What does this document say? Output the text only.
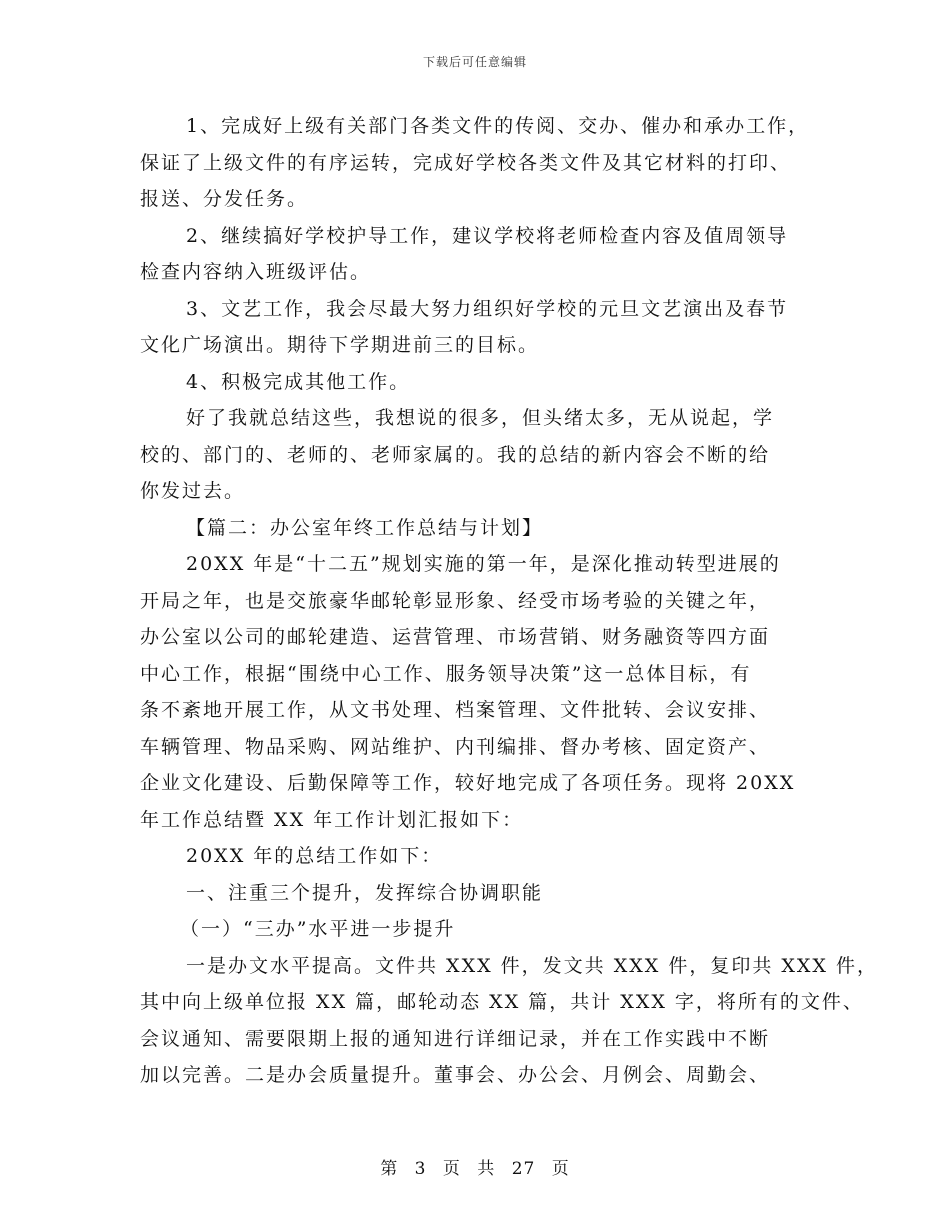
下载后可任意编辑
1、完成好上级有关部门各类文件的传阅、交办、催办和承办工作，
保证了上级文件的有序运转，完成好学校各类文件及其它材料的打印、
报送、分发任务。
2、继续搞好学校护导工作，建议学校将老师检查内容及值周领导
检查内容纳入班级评估。
3、文艺工作，我会尽最大努力组织好学校的元旦文艺演出及春节
文化广场演出。期待下学期进前三的目标。
4、积极完成其他工作。
好了我就总结这些，我想说的很多，但头绪太多，无从说起，学
校的、部门的、老师的、老师家属的。我的总结的新内容会不断的给
你发过去。
【篇二：办公室年终工作总结与计划】
20XX 年是“十二五”规划实施的第一年，是深化推动转型进展的
开局之年，也是交旅豪华邮轮彰显形象、经受市场考验的关键之年，
办公室以公司的邮轮建造、运营管理、市场营销、财务融资等四方面
中心工作，根据“围绕中心工作、服务领导决策”这一总体目标，有
条不紊地开展工作，从文书处理、档案管理、文件批转、会议安排、
车辆管理、物品采购、网站维护、内刊编排、督办考核、固定资产、
企业文化建设、后勤保障等工作，较好地完成了各项任务。现将 20XX
年工作总结暨 XX 年工作计划汇报如下：
20XX 年的总结工作如下：
一、注重三个提升，发挥综合协调职能
（一）“三办”水平进一步提升
一是办文水平提高。文件共 XXX 件，发文共 XXX 件，复印共 XXX 件，
其中向上级单位报 XX 篇，邮轮动态 XX 篇，共计 XXX 字，将所有的文件、
会议通知、需要限期上报的通知进行详细记录，并在工作实践中不断
加以完善。二是办会质量提升。董事会、办公会、月例会、周勤会、
第 3 页 共 27 页
